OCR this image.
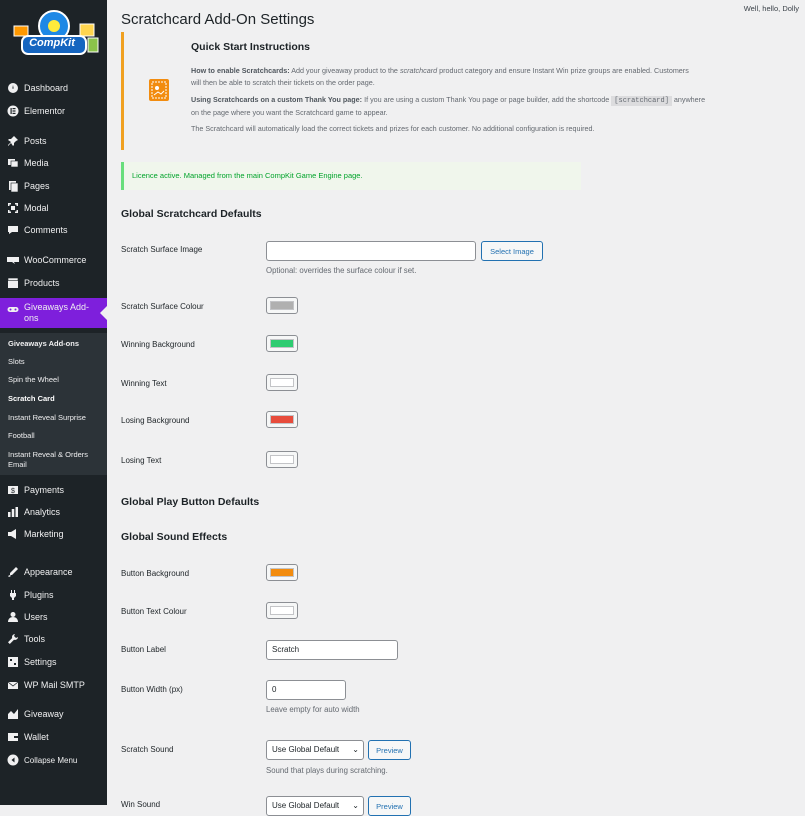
CompKit
Dashboard
Elementor
Posts
Media
Pages
Modal
Comments
WooCommerce
Products
Giveaways Add-ons
Giveaways Add-ons
Slots
Spin the Wheel
Scratch Card
Instant Reveal Surprise
Football
Instant Reveal & Orders Email
$ Payments
Analytics
Marketing
Appearance
Plugins
Users
Tools
Settings
WP Mail SMTP
Giveaway
Wallet
Collapse Menu
Well, hello, Dolly
Scratchcard Add-On Settings
Quick Start Instructions
How to enable Scratchcards: Add your giveaway product to the scratchcard product category and ensure Instant Win prize groups are enabled. Customers
will then be able to scratch their tickets on the order page.
Using Scratchcards on a custom Thank You page: If you are using a custom Thank You page or page builder, add the shortcode [scratchcard] anywhere
on the page where you want the Scratchcard game to appear.
The Scratchcard will automatically load the correct tickets and prizes for each customer. No additional configuration is required.
Licence active. Managed from the main CompKit Game Engine page.
Global Scratchcard Defaults
Scratch Surface Image	Select Image
Optional: overrides the surface colour if set.
Scratch Surface Colour
Winning Background
Winning Text
Losing Background
Losing Text
Global Play Button Defaults
Global Sound Effects
Button Background
Button Text Colour
Button Label	Scratch
Button Width (px)	0
Leave empty for auto width
Scratch Sound	Use Global Default ⌄	Preview
Sound that plays during scratching.
Win Sound	Use Global Default ⌄	Preview
